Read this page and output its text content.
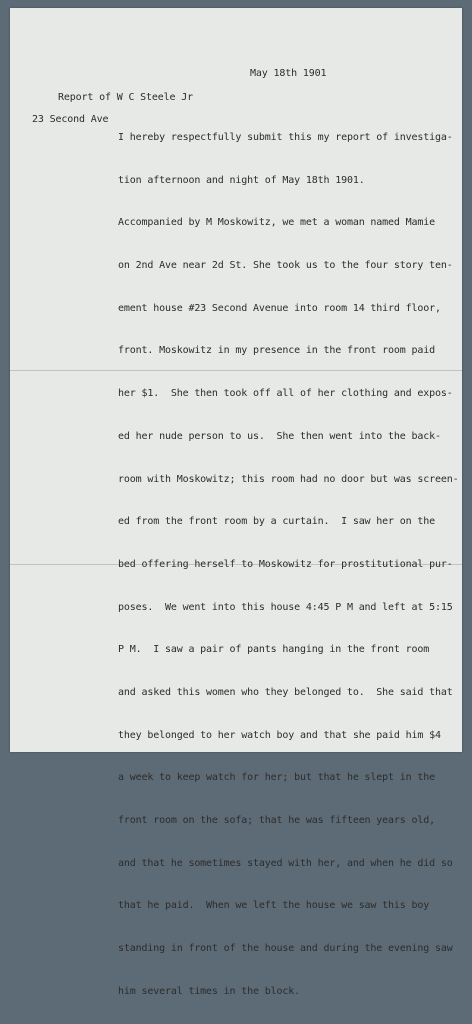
May 18th 1901
Report of W C Steele Jr
23 Second Ave

I hereby respectfully submit this my report of investiga-

tion afternoon and night of May 18th 1901.

Accompanied by M Moskowitz, we met a woman named Mamie

on 2nd Ave near 2d St. She took us to the four story ten-

ement house #23 Second Avenue into room 14 third floor,

front. Moskowitz in my presence in the front room paid

her $1.  She then took off all of her clothing and expos-

ed her nude person to us.  She then went into the back-

room with Moskowitz; this room had no door but was screen-

ed from the front room by a curtain.  I saw her on the

bed offering herself to Moskowitz for prostitutional pur-

poses.  We went into this house 4:45 P M and left at 5:15

P M.  I saw a pair of pants hanging in the front room

and asked this women who they belonged to.  She said that

they belonged to her watch boy and that she paid him $4

a week to keep watch for her; but that he slept in the

front room on the sofa; that he was fifteen years old,

and that he sometimes stayed with her, and when he did so

that he paid.  When we left the house we saw this boy

standing in front of the house and during the evening saw

him several times in the block.
